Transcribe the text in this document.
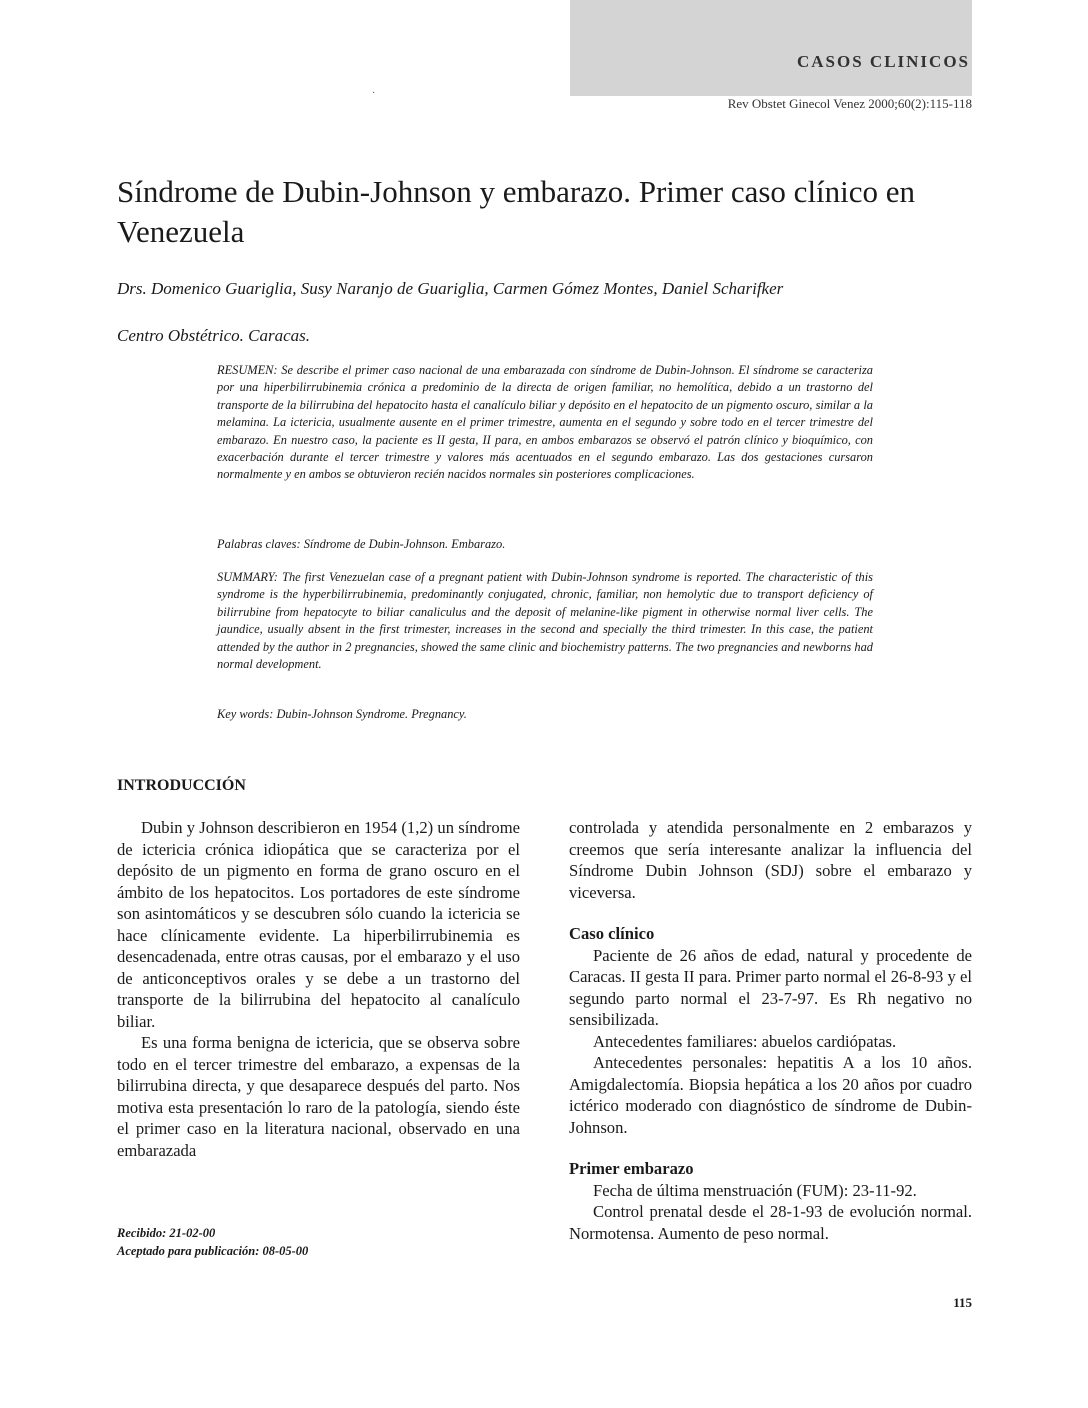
CASOS CLINICOS
Rev Obstet Ginecol Venez 2000;60(2):115-118
·
Síndrome de Dubin-Johnson y embarazo. Primer caso clínico en Venezuela
Drs. Domenico Guariglia, Susy Naranjo de Guariglia, Carmen Gómez Montes, Daniel Scharifker
Centro Obstétrico. Caracas.

RESUMEN: Se describe el primer caso nacional de una embarazada con síndrome de Dubin-Johnson. El síndrome se caracteriza por una hiperbilirrubinemia crónica a predominio de la directa de origen familiar, no hemolítica, debido a un trastorno del transporte de la bilirrubina del hepatocito hasta el canalículo biliar y depósito en el hepatocito de un pigmento oscuro, similar a la melamina. La ictericia, usualmente ausente en el primer trimestre, aumenta en el segundo y sobre todo en el tercer trimestre del embarazo. En nuestro caso, la paciente es II gesta, II para, en ambos embarazos se observó el patrón clínico y bioquímico, con exacerbación durante el tercer trimestre y valores más acentuados en el segundo embarazo. Las dos gestaciones cursaron normalmente y en ambos se obtuvieron recién nacidos normales sin posteriores complicaciones.

Palabras claves: Síndrome de Dubin-Johnson. Embarazo.

SUMMARY: The first Venezuelan case of a pregnant patient with Dubin-Johnson syndrome is reported. The characteristic of this syndrome is the hyperbilirrubinemia, predominantly conjugated, chronic, familiar, non hemolytic due to transport deficiency of bilirrubine from hepatocyte to biliar canaliculus and the deposit of melanine-like pigment in otherwise normal liver cells. The jaundice, usually absent in the first trimester, increases in the second and specially the third trimester. In this case, the patient attended by the author in 2 pregnancies, showed the same clinic and biochemistry patterns. The two pregnancies and newborns had normal development.

Key words: Dubin-Johnson Syndrome. Pregnancy.

INTRODUCCIÓN

Dubin y Johnson describieron en 1954 (1,2) un síndrome de ictericia crónica idiopática que se caracteriza por el depósito de un pigmento en forma de grano oscuro en el ámbito de los hepatocitos. Los portadores de este síndrome son asintomáticos y se descubren sólo cuando la ictericia se hace clínicamente evidente. La hiperbilirrubinemia es desencadenada, entre otras causas, por el embarazo y el uso de anticonceptivos orales y se debe a un trastorno del transporte de la bilirrubina del hepatocito al canalículo biliar.

Es una forma benigna de ictericia, que se observa sobre todo en el tercer trimestre del embarazo, a expensas de la bilirrubina directa, y que desaparece después del parto. Nos motiva esta presentación lo raro de la patología, siendo éste el primer caso en la literatura nacional, observado en una embarazada

controlada y atendida personalmente en 2 embarazos y creemos que sería interesante analizar la influencia del Síndrome Dubin Johnson (SDJ) sobre el embarazo y viceversa.

Caso clínico

Paciente de 26 años de edad, natural y procedente de Caracas. II gesta II para. Primer parto normal el 26-8-93 y el segundo parto normal el 23-7-97. Es Rh negativo no sensibilizada.

Antecedentes familiares: abuelos cardiópatas.

Antecedentes personales: hepatitis A a los 10 años. Amigdalectomía. Biopsia hepática a los 20 años por cuadro ictérico moderado con diagnóstico de síndrome de Dubin-Johnson.

Primer embarazo

Fecha de última menstruación (FUM): 23-11-92.

Control prenatal desde el 28-1-93 de evolución normal. Normotensa. Aumento de peso normal.

Recibido: 21-02-00
Aceptado para publicación: 08-05-00
115
